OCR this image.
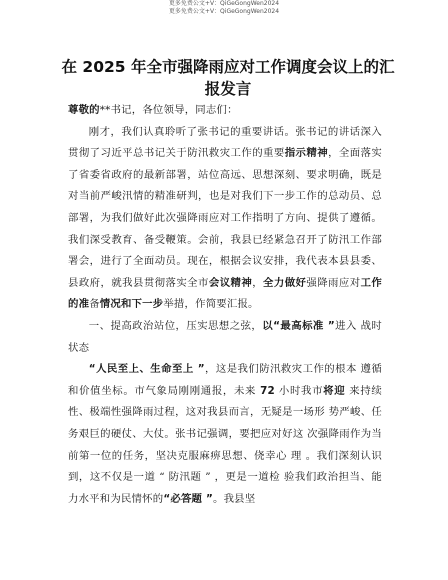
更多免费公文+V：QiGeGongWen2024
更多免费公文+V：QiGeGongWen2024
在 2025 年全市强降雨应对工作调度会议上的汇报发言

尊敬的**书记，各位领导，同志们：

刚才，我们认真聆听了张书记的重要讲话。张书记的讲话深入贯彻了习近平总书记关于防汛救灾工作的重要指示精神，全面落实了省委省政府的最新部署，站位高远、思想深刻、要求明确，既是对当前严峻汛情的精准研判，也是对我们下一步工作的总动员、总部署，为我们做好此次强降雨应对工作指明了方向、提供了遵循。我们深受教育、备受鞭策。会前，我县已经紧急召开了防汛工作部署会，进行了全面动员。现在，根据会议安排，我代表本县县委、县政府，就我县贯彻落实全市会议精神，全力做好强降雨应对工作的准备情况和下一步举措，作简要汇报。

一、提高政治站位，压实思想之弦，以“最高标准 ”进入 战时状态

“人民至上、生命至上 ”，这是我们防汛救灾工作的根本 遵循和价值坐标。市气象局刚刚通报，未来 72 小时我市将迎 来持续性、极端性强降雨过程，这对我县而言，无疑是一场形 势严峻、任务艰巨的硬仗、大仗。张书记强调，要把应对好这 次强降雨作为当前第一位的任务，坚决克服麻痹思想、侥幸心 理 。我们深刻认识到，这不仅是一道 “ 防汛题 ” ，更是一道检 验我们政治担当、能力水平和为民情怀的“必答题 ”。我县坚
